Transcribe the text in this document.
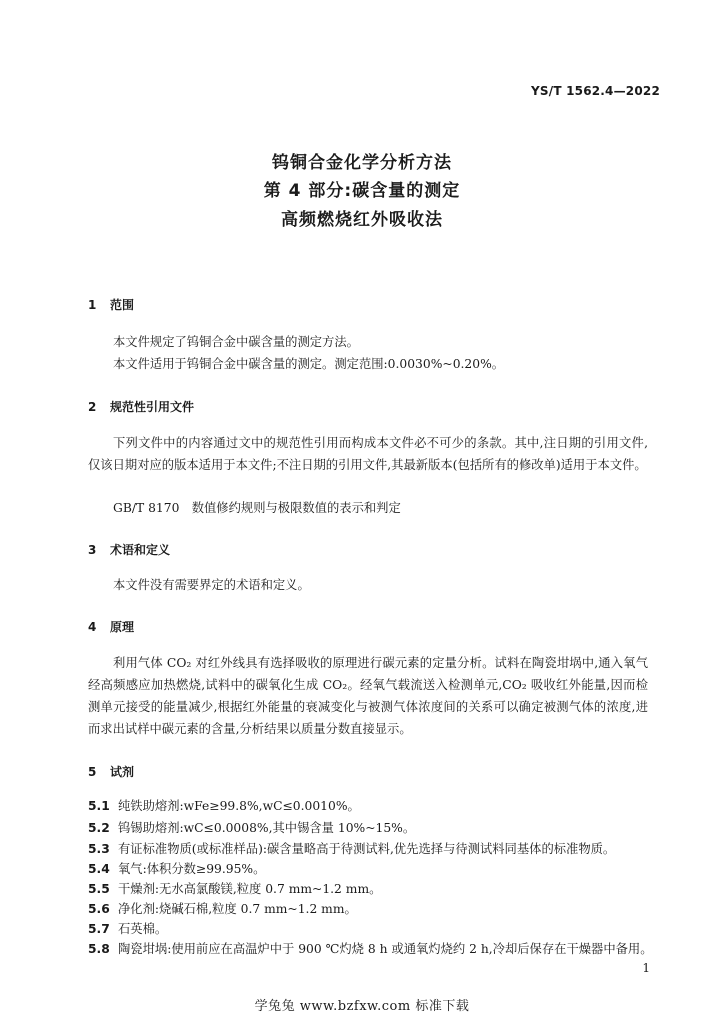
YS/T 1562.4—2022
钨铜合金化学分析方法
第 4 部分:碳含量的测定
高频燃烧红外吸收法
1 范围
本文件规定了钨铜合金中碳含量的测定方法。
本文件适用于钨铜合金中碳含量的测定。测定范围:0.0030%~0.20%。
2 规范性引用文件
下列文件中的内容通过文中的规范性引用而构成本文件必不可少的条款。其中,注日期的引用文件,仅该日期对应的版本适用于本文件;不注日期的引用文件,其最新版本(包括所有的修改单)适用于本文件。
GB/T 8170　数值修约规则与极限数值的表示和判定
3 术语和定义
本文件没有需要界定的术语和定义。
4 原理
利用气体 CO₂ 对红外线具有选择吸收的原理进行碳元素的定量分析。试料在陶瓷坩埚中,通入氧气经高频感应加热燃烧,试料中的碳氧化生成 CO₂。经氧气载流送入检测单元,CO₂ 吸收红外能量,因而检测单元接受的能量减少,根据红外能量的衰减变化与被测气体浓度间的关系可以确定被测气体的浓度,进而求出试样中碳元素的含量,分析结果以质量分数直接显示。
5 试剂
5.1 纯铁助熔剂:wFe≥99.8%,wC≤0.0010%。
5.2 钨锡助熔剂:wC≤0.0008%,其中锡含量 10%~15%。
5.3 有证标准物质(或标准样品):碳含量略高于待测试料,优先选择与待测试料同基体的标准物质。
5.4 氧气:体积分数≥99.95%。
5.5 干燥剂:无水高氯酸镁,粒度 0.7 mm~1.2 mm。
5.6 净化剂:烧碱石棉,粒度 0.7 mm~1.2 mm。
5.7 石英棉。
5.8 陶瓷坩埚:使用前应在高温炉中于 900 ℃灼烧 8 h 或通氧灼烧约 2 h,冷却后保存在干燥器中备用。
1
学兔兔 www.bzfxw.com 标准下载
